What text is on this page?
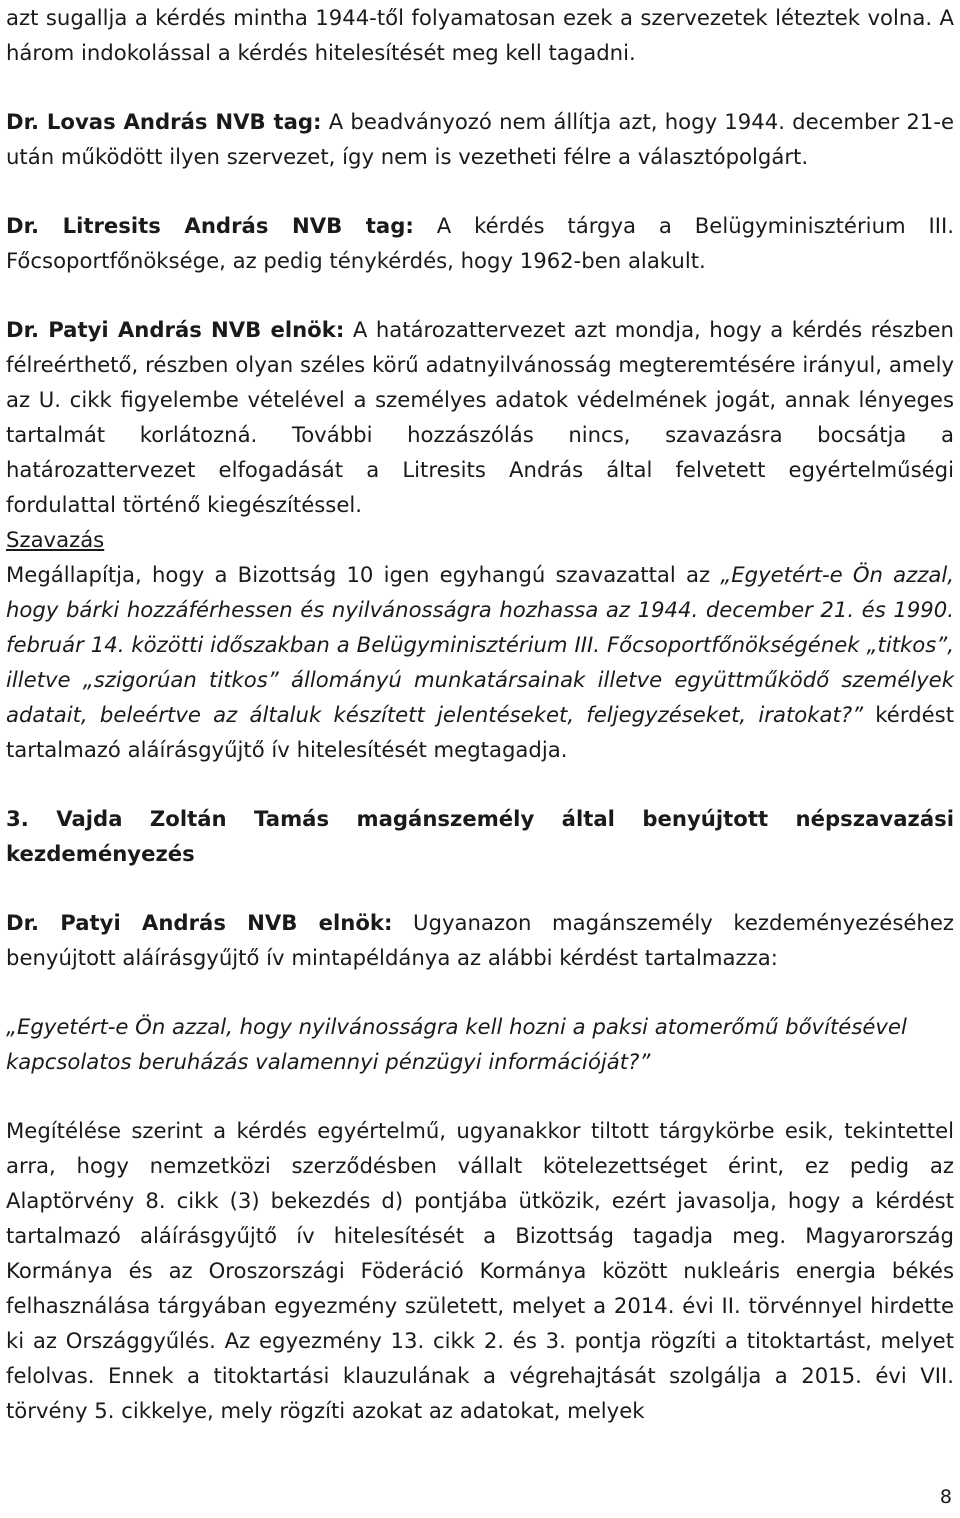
azt sugallja a kérdés mintha 1944-től folyamatosan ezek a szervezetek léteztek volna. A három indokolással a kérdés hitelesítését meg kell tagadni.

Dr. Lovas András NVB tag: A beadványozó nem állítja azt, hogy 1944. december 21-e után működött ilyen szervezet, így nem is vezetheti félre a választópolgárt.

Dr. Litresits András NVB tag: A kérdés tárgya a Belügyminisztérium III. Főcsoportfőnöksége, az pedig ténykérdés, hogy 1962-ben alakult.

Dr. Patyi András NVB elnök: A határozattervezet azt mondja, hogy a kérdés részben félreérthető, részben olyan széles körű adatnyilvánosság megteremtésére irányul, amely az U. cikk figyelembe vételével a személyes adatok védelmének jogát, annak lényeges tartalmát korlátozná. További hozzászólás nincs, szavazásra bocsátja a határozattervezet elfogadását a Litresits András által felvetett egyértelműségi fordulattal történő kiegészítéssel.

Szavazás

Megállapítja, hogy a Bizottság 10 igen egyhangú szavazattal az „Egyetért-e Ön azzal, hogy bárki hozzáférhessen és nyilvánosságra hozhassa az 1944. december 21. és 1990. február 14. közötti időszakban a Belügyminisztérium III. Főcsoportfőnökségének „titkos”, illetve „szigorúan titkos” állományú munkatársainak illetve együttműködő személyek adatait, beleértve az általuk készített jelentéseket, feljegyzéseket, iratokat?” kérdést tartalmazó aláírásgyűjtő ív hitelesítését megtagadja.

3. Vajda Zoltán Tamás magánszemély által benyújtott népszavazási kezdeményezés

Dr. Patyi András NVB elnök: Ugyanazon magánszemély kezdeményezéséhez benyújtott aláírásgyűjtő ív mintapéldánya az alábbi kérdést tartalmazza:

„Egyetért-e Ön azzal, hogy nyilvánosságra kell hozni a paksi atomerőmű bővítésével kapcsolatos beruházás valamennyi pénzügyi információját?”

Megítélése szerint a kérdés egyértelmű, ugyanakkor tiltott tárgykörbe esik, tekintettel arra, hogy nemzetközi szerződésben vállalt kötelezettséget érint, ez pedig az Alaptörvény 8. cikk (3) bekezdés d) pontjába ütközik, ezért javasolja, hogy a kérdést tartalmazó aláírásgyűjtő ív hitelesítését a Bizottság tagadja meg. Magyarország Kormánya és az Oroszországi Föderáció Kormánya között nukleáris energia békés felhasználása tárgyában egyezmény született, melyet a 2014. évi II. törvénnyel hirdette ki az Országgyűlés. Az egyezmény 13. cikk 2. és 3. pontja rögzíti a titoktartást, melyet felolvas. Ennek a titoktartási klauzulának a végrehajtását szolgálja a 2015. évi VII. törvény 5. cikkelye, mely rögzíti azokat az adatokat, melyek

8
